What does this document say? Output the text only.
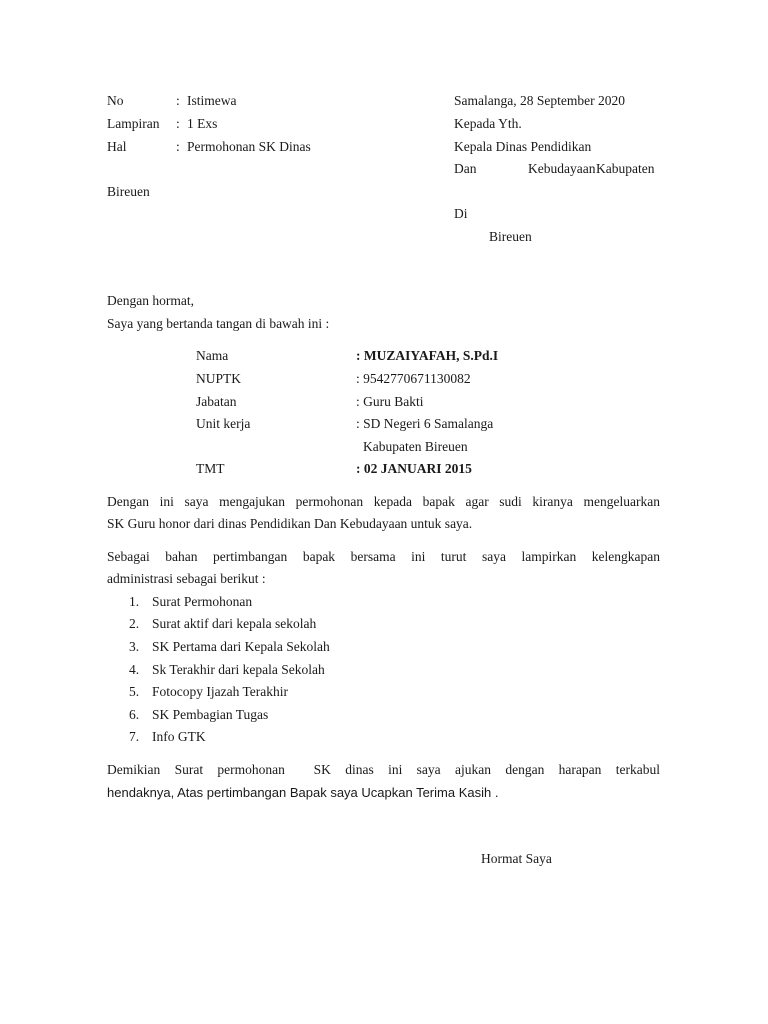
No	: Istimewa
Lampiran : 1 Exs
Hal	: Permohonan SK Dinas
Samalanga, 28 September 2020
Kepada Yth.
Kepala Dinas Pendidikan
Dan	Kebudayaan Kabupaten
Bireuen
Di
Bireuen
Dengan hormat,
Saya yang bertanda tangan di bawah ini :
Nama	: MUZAIYAFAH, S.Pd.I
NUPTK	: 9542770671130082
Jabatan	: Guru Bakti
Unit kerja	: SD Negeri 6 Samalanga
Kabupaten Bireuen
TMT	: 02 JANUARI 2015
Dengan ini saya mengajukan permohonan kepada bapak agar sudi kiranya mengeluarkan
SK Guru honor dari dinas Pendidikan Dan Kebudayaan untuk saya.
Sebagai bahan pertimbangan bapak bersama ini turut saya lampirkan kelengkapan
administrasi sebagai berikut :
1. Surat Permohonan
2. Surat aktif dari kepala sekolah
3. SK Pertama dari Kepala Sekolah
4. Sk Terakhir dari kepala Sekolah
5. Fotocopy Ijazah Terakhir
6. SK Pembagian Tugas
7. Info GTK
Demikian Surat permohonan  SK dinas ini saya ajukan dengan harapan terkabul
hendaknya, Atas pertimbangan Bapak saya Ucapkan Terima Kasih .
Hormat Saya
